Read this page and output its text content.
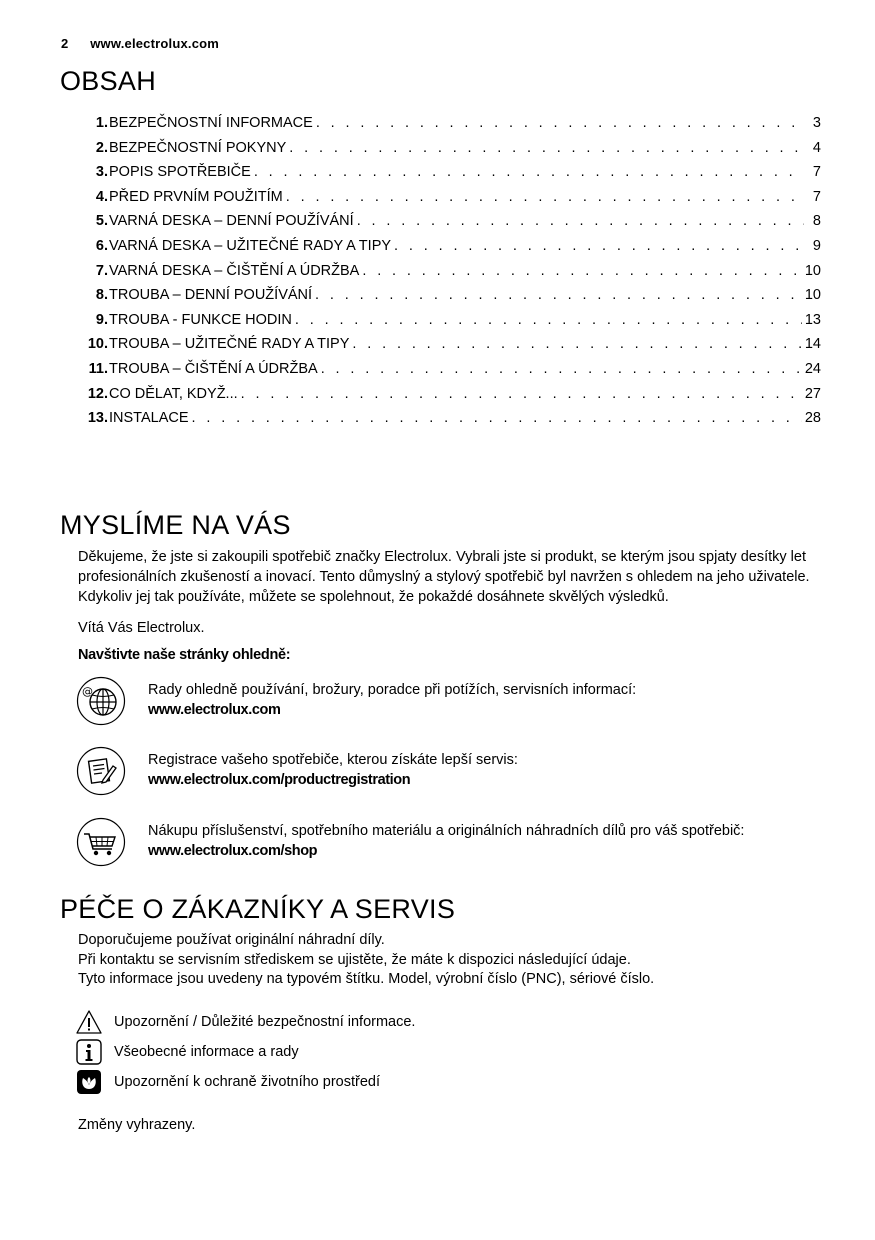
2 www.electrolux.com
OBSAH
1. BEZPEČNOSTNÍ INFORMACE . . .	3
2. BEZPEČNOSTNÍ POKYNY . . .	4
3. POPIS SPOTŘEBIČE . . .	7
4. PŘED PRVNÍM POUŽITÍM . . .	7
5. VARNÁ DESKA – DENNÍ POUŽÍVÁNÍ . . .	8
6. VARNÁ DESKA – UŽITEČNÉ RADY A TIPY . . .	9
7. VARNÁ DESKA – ČIŠTĚNÍ A ÚDRŽBA . . .	10
8. TROUBA – DENNÍ POUŽÍVÁNÍ . . .	10
9. TROUBA - FUNKCE HODIN . . .	13
10. TROUBA – UŽITEČNÉ RADY A TIPY . . .	14
11. TROUBA – ČIŠTĚNÍ A ÚDRŽBA . . .	24
12. CO DĚLAT, KDYŽ... . . .	27
13. INSTALACE . . .	28
MYSLÍME NA VÁS
Děkujeme, že jste si zakoupili spotřebič značky Electrolux. Vybrali jste si produkt, se kterým jsou spjaty desítky let profesionálních zkušeností a inovací. Tento důmyslný a stylový spotřebič byl navržen s ohledem na jeho uživatele. Kdykoliv jej tak používáte, můžete se spolehnout, že pokaždé dosáhnete skvělých výsledků.
Vítá Vás Electrolux.
Navštivte naše stránky ohledně:
@	Rady ohledně používání, brožury, poradce při potížích, servisních informací:
www.electrolux.com
Registrace vašeho spotřebiče, kterou získáte lepší servis:
www.electrolux.com/productregistration
Nákupu příslušenství, spotřebního materiálu a originálních náhradních dílů pro váš spotřebič:
www.electrolux.com/shop
PÉČE O ZÁKAZNÍKY A SERVIS
Doporučujeme používat originální náhradní díly.
Při kontaktu se servisním střediskem se ujistěte, že máte k dispozici následující údaje.
Tyto informace jsou uvedeny na typovém štítku. Model, výrobní číslo (PNC), sériové číslo.
Upozornění / Důležité bezpečnostní informace.
Všeobecné informace a rady
Upozornění k ochraně životního prostředí
Změny vyhrazeny.
